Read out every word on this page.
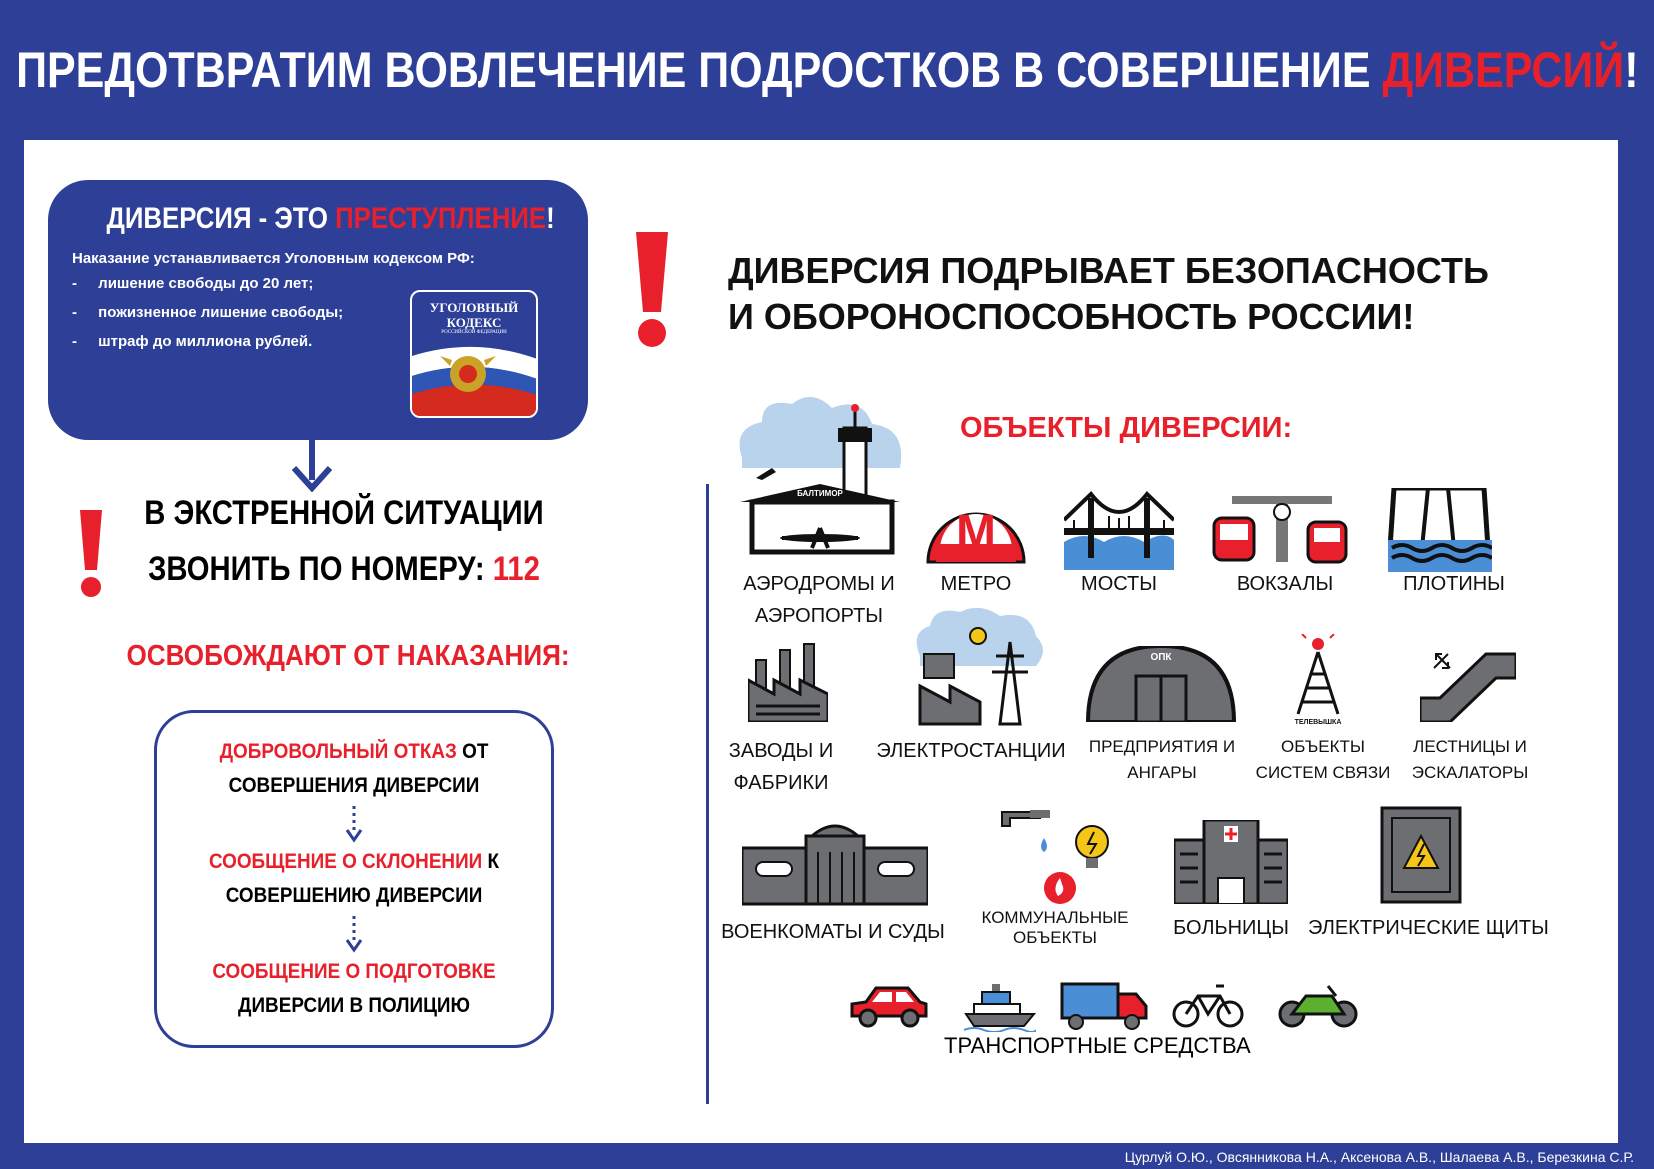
ПРЕДОТВРАТИМ ВОВЛЕЧЕНИЕ ПОДРОСТКОВ В СОВЕРШЕНИЕ ДИВЕРСИЙ!
ДИВЕРСИЯ - ЭТО ПРЕСТУПЛЕНИЕ!
Наказание устанавливается Уголовным кодексом РФ:
- лишение свободы до 20 лет;
- пожизненное лишение свободы;
- штраф до миллиона рублей.
УГОЛОВНЫЙ КОДЕКС
РОССИЙСКОЙ ФЕДЕРАЦИИ
В ЭКСТРЕННОЙ СИТУАЦИИ
ЗВОНИТЬ ПО НОМЕРУ: 112
ОСВОБОЖДАЮТ ОТ НАКАЗАНИЯ:
ДОБРОВОЛЬНЫЙ ОТКАЗ ОТ
СОВЕРШЕНИЯ ДИВЕРСИИ
СООБЩЕНИЕ О СКЛОНЕНИИ К
СОВЕРШЕНИЮ ДИВЕРСИИ
СООБЩЕНИЕ О ПОДГОТОВКЕ
ДИВЕРСИИ В ПОЛИЦИЮ
ДИВЕРСИЯ ПОДРЫВАЕТ БЕЗОПАСНОСТЬ
И ОБОРОНОСПОСОБНОСТЬ РОССИИ!
ОБЪЕКТЫ ДИВЕРСИИ:
БАЛТИМОР
АЭРОДРОМЫ И
АЭРОПОРТЫ
М
МЕТРО	МОСТЫ	ВОКЗАЛЫ	ПЛОТИНЫ
ЗАВОДЫ И
ФАБРИКИ
ЭЛЕКТРОСТАНЦИИ
ОПК
ПРЕДПРИЯТИЯ И
АНГАРЫ
ТЕЛЕВЫШКА
ОБЪЕКТЫ
СИСТЕМ СВЯЗИ
ЛЕСТНИЦЫ И
ЭСКАЛАТОРЫ
ВОЕНКОМАТЫ И СУДЫ
КОММУНАЛЬНЫЕ
ОБЪЕКТЫ	БОЛЬНИЦЫ ЭЛЕКТРИЧЕСКИЕ ЩИТЫ
ТРАНСПОРТНЫЕ СРЕДСТВА
Цурлуй О.Ю., Овсянникова Н.А., Аксенова А.В., Шалаева А.В., Березкина С.Р.
